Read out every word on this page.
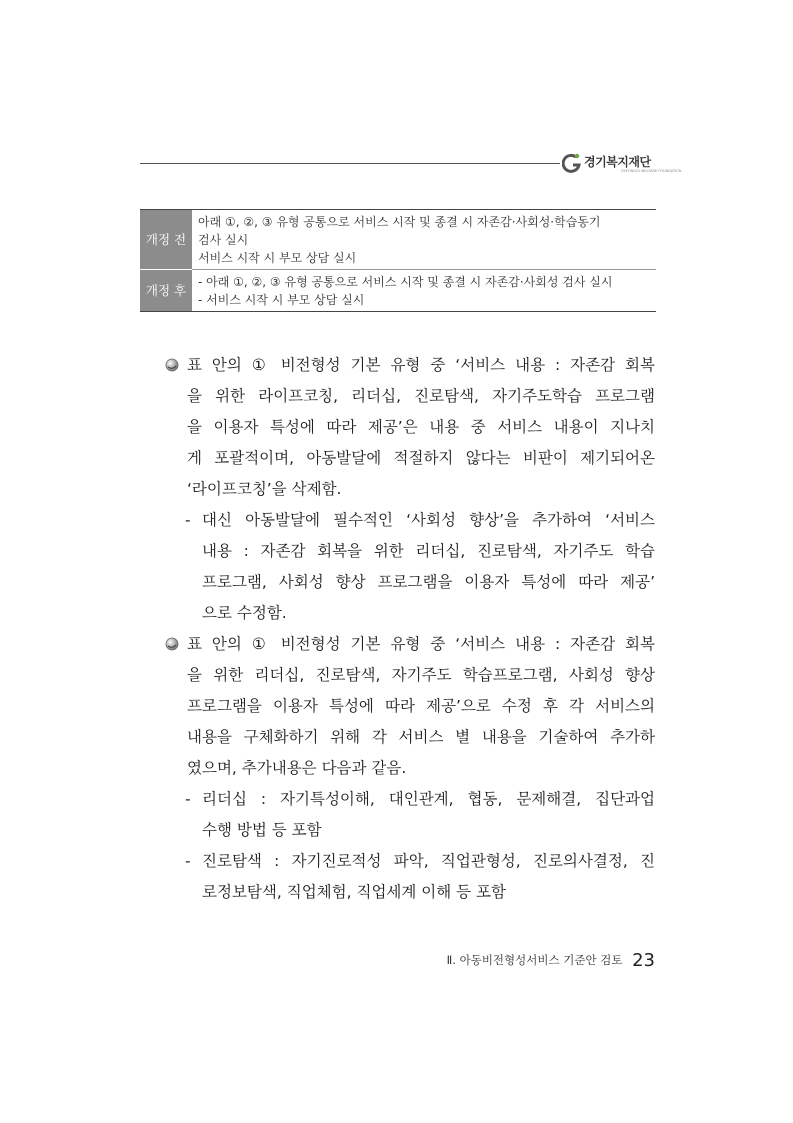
경기복지재단
GYEONGGI WELFARE FOUNDATION
개정 전	아래 ①, ②, ③ 유형 공통으로 서비스 시작 및 종결 시 자존감·사회성·학습동기
검사 실시
서비스 시작 시 부모 상담 실시

개정 후	- 아래 ①, ②, ③ 유형 공통으로 서비스 시작 및 종결 시 자존감·사회성 검사 실시
- 서비스 시작 시 부모 상담 실시
표 안의 ① 비전형성 기본 유형 중 ‘서비스 내용 : 자존감 회복
을 위한 라이프코칭, 리더십, 진로탐색, 자기주도학습 프로그램
을 이용자 특성에 따라 제공’은 내용 중 서비스 내용이 지나치
게 포괄적이며, 아동발달에 적절하지 않다는 비판이 제기되어온
‘라이프코칭’을 삭제함.
- 대신 아동발달에 필수적인 ‘사회성 향상’을 추가하여 ‘서비스
내용 : 자존감 회복을 위한 리더십, 진로탐색, 자기주도 학습
프로그램, 사회성 향상 프로그램을 이용자 특성에 따라 제공’
으로 수정함.
표 안의 ① 비전형성 기본 유형 중 ‘서비스 내용 : 자존감 회복
을 위한 리더십, 진로탐색, 자기주도 학습프로그램, 사회성 향상
프로그램을 이용자 특성에 따라 제공’으로 수정 후 각 서비스의
내용을 구체화하기 위해 각 서비스 별 내용을 기술하여 추가하
였으며, 추가내용은 다음과 같음.
- 리더십 : 자기특성이해, 대인관계, 협동, 문제해결, 집단과업
수행 방법 등 포함
- 진로탐색 : 자기진로적성 파악, 직업관형성, 진로의사결정, 진
로정보탐색, 직업체험, 직업세계 이해 등 포함
Ⅱ. 아동비전형성서비스 기준안 검토 23
